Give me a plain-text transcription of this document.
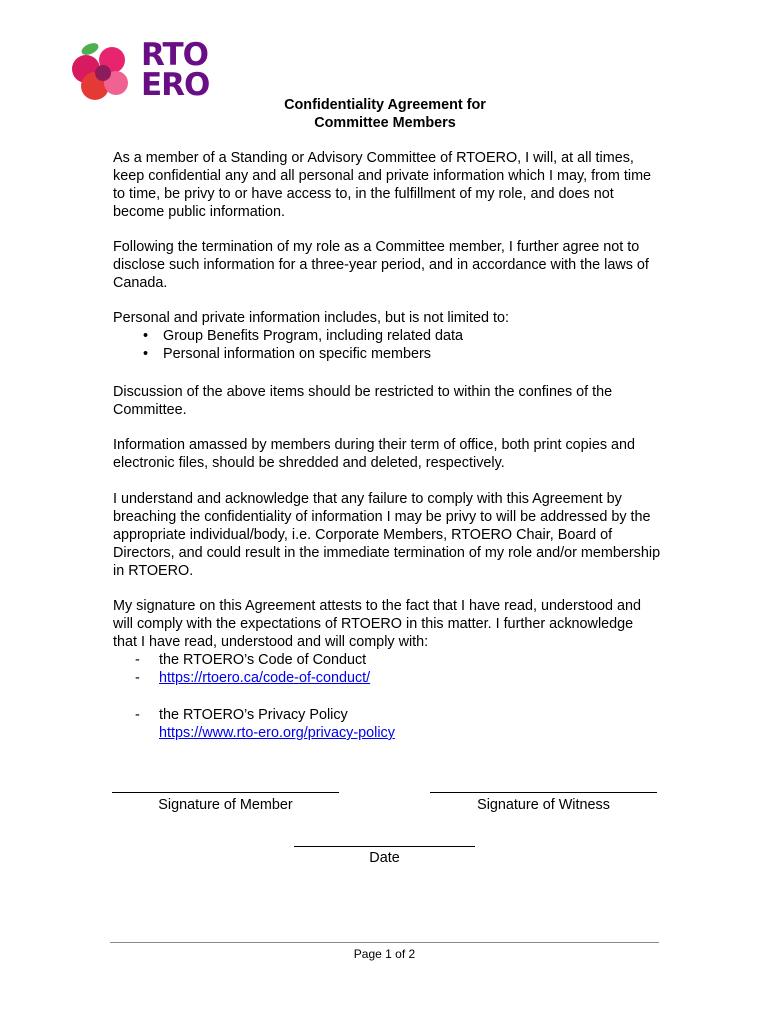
RTO
ERO
Confidentiality Agreement for
Committee Members

As a member of a Standing or Advisory Committee of RTOERO, I will, at all times, keep confidential any and all personal and private information which I may, from time to time, be privy to or have access to, in the fulfillment of my role, and does not become public information.

Following the termination of my role as a Committee member, I further agree not to disclose such information for a three-year period, and in accordance with the laws of Canada.

Personal and private information includes, but is not limited to:

• Group Benefits Program, including related data
• Personal information on specific members

Discussion of the above items should be restricted to within the confines of the Committee.

Information amassed by members during their term of office, both print copies and electronic files, should be shredded and deleted, respectively.

I understand and acknowledge that any failure to comply with this Agreement by breaching the confidentiality of information I may be privy to will be addressed by the appropriate individual/body, i.e. Corporate Members, RTOERO Chair, Board of Directors, and could result in the immediate termination of my role and/or membership in RTOERO.

My signature on this Agreement attests to the fact that I have read, understood and will comply with the expectations of RTOERO in this matter. I further acknowledge that I have read, understood and will comply with:

- the RTOERO’s Code of Conduct
- https://rtoero.ca/code-of-conduct/
- the RTOERO’s Privacy Policy
https://www.rto-ero.org/privacy-policy
Signature of Member	Signature of Witness
Date
Page 1 of 2
